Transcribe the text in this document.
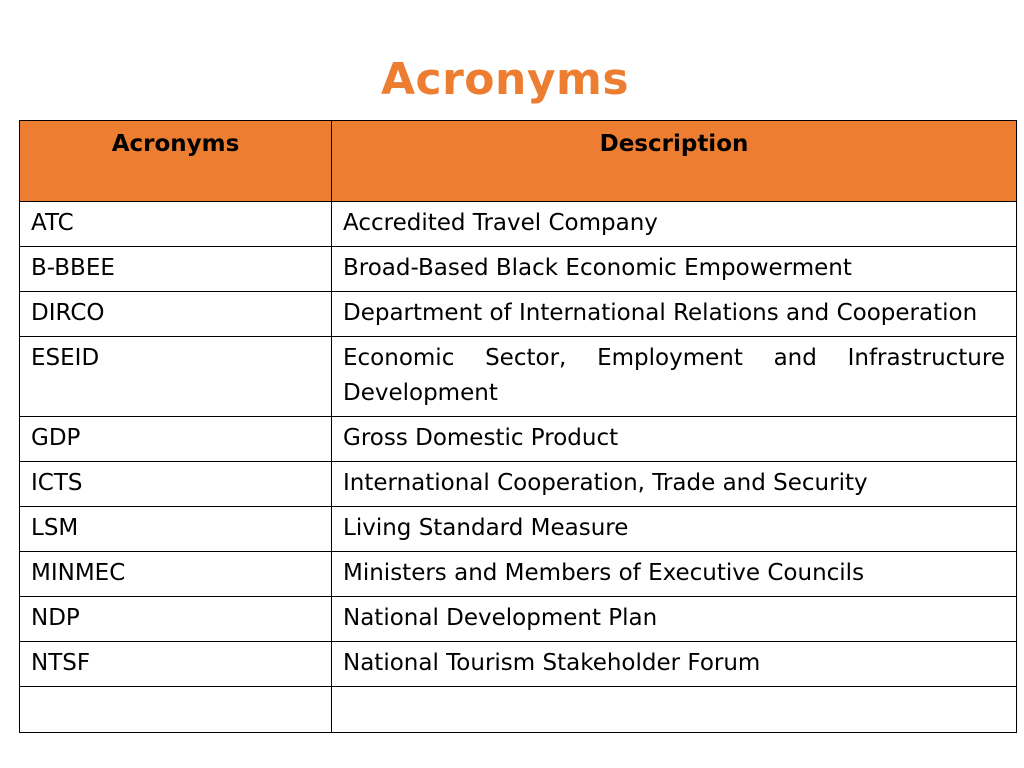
Acronyms
Acronyms	Description
ATC	Accredited Travel Company
B-BBEE	Broad-Based Black Economic Empowerment
DIRCO	Department of International Relations and Cooperation
ESEID	Economic Sector, Employment and Infrastructure Development
GDP	Gross Domestic Product
ICTS	International Cooperation, Trade and Security
LSM	Living Standard Measure
MINMEC	Ministers and Members of Executive Councils
NDP	National Development Plan
NTSF	National Tourism Stakeholder Forum
